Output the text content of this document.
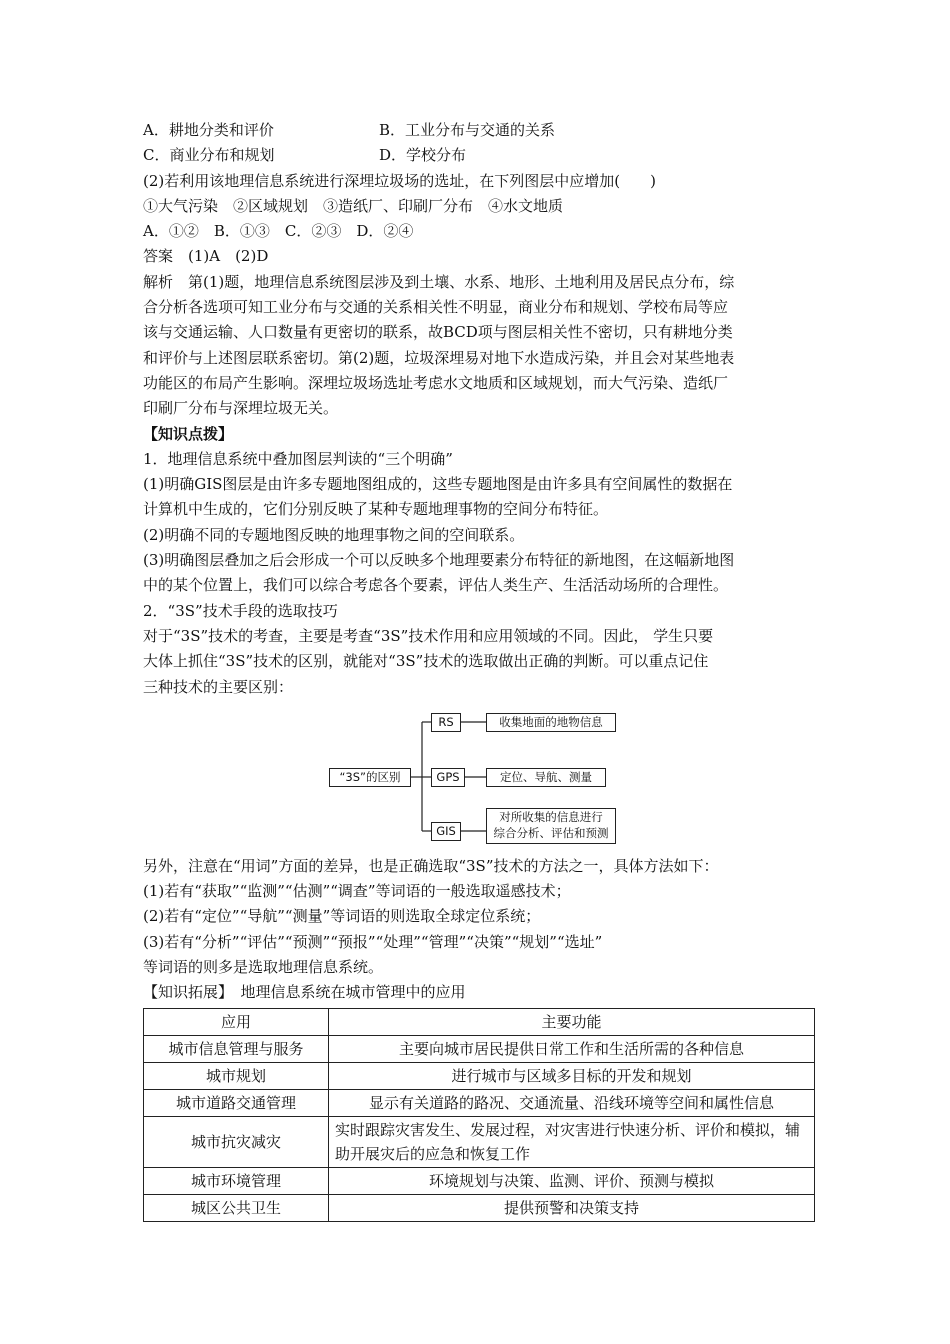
A．耕地分类和评价	B．工业分布与交通的关系
C．商业分布和规划	D．学校分布
(2)若利用该地理信息系统进行深埋垃圾场的选址，在下列图层中应增加(　　)
①大气污染　②区域规划　③造纸厂、印刷厂分布　④水文地质
A．①②　B．①③　C．②③　D．②④
答案　(1)A　(2)D
解析　第(1)题，地理信息系统图层涉及到土壤、水系、地形、土地利用及居民点分布，综
合分析各选项可知工业分布与交通的关系相关性不明显，商业分布和规划、学校布局等应
该与交通运输、人口数量有更密切的联系，故BCD项与图层相关性不密切，只有耕地分类
和评价与上述图层联系密切。第(2)题，垃圾深埋易对地下水造成污染，并且会对某些地表
功能区的布局产生影响。深埋垃圾场选址考虑水文地质和区域规划，而大气污染、造纸厂
印刷厂分布与深埋垃圾无关。
【知识点拨】
1．地理信息系统中叠加图层判读的“三个明确”
(1)明确GIS图层是由许多专题地图组成的，这些专题地图是由许多具有空间属性的数据在
计算机中生成的，它们分别反映了某种专题地理事物的空间分布特征。
(2)明确不同的专题地图反映的地理事物之间的空间联系。
(3)明确图层叠加之后会形成一个可以反映多个地理要素分布特征的新地图，在这幅新地图
中的某个位置上，我们可以综合考虑各个要素，评估人类生产、生活活动场所的合理性。
2．“3S”技术手段的选取技巧
对于“3S”技术的考查，主要是考查“3S”技术作用和应用领域的不同。因此， 学生只要
大体上抓住“3S”技术的区别，就能对“3S”技术的选取做出正确的判断。可以重点记住
三种技术的主要区别：
“3S”的区别
RS	收集地面的地物信息
GPS	定位、导航、测量
GIS
对所收集的信息进行
综合分析、评估和预测
另外，注意在“用词”方面的差异，也是正确选取“3S”技术的方法之一，具体方法如下：
(1)若有“获取”“监测”“估测”“调查”等词语的一般选取遥感技术；
(2)若有“定位”“导航”“测量”等词语的则选取全球定位系统；
(3)若有“分析”“评估”“预测”“预报”“处理”“管理”“决策”“规划”“选址”
等词语的则多是选取地理信息系统。
【知识拓展】　地理信息系统在城市管理中的应用
应用	主要功能
城市信息管理与服务	主要向城市居民提供日常工作和生活所需的各种信息
城市规划	进行城市与区域多目标的开发和规划
城市道路交通管理	显示有关道路的路况、交通流量、沿线环境等空间和属性信息
城市抗灾减灾	实时跟踪灾害发生、发展过程，对灾害进行快速分析、评价和模拟，辅助开展灾后的应急和恢复工作
城市环境管理	环境规划与决策、监测、评价、预测与模拟
城区公共卫生	提供预警和决策支持
